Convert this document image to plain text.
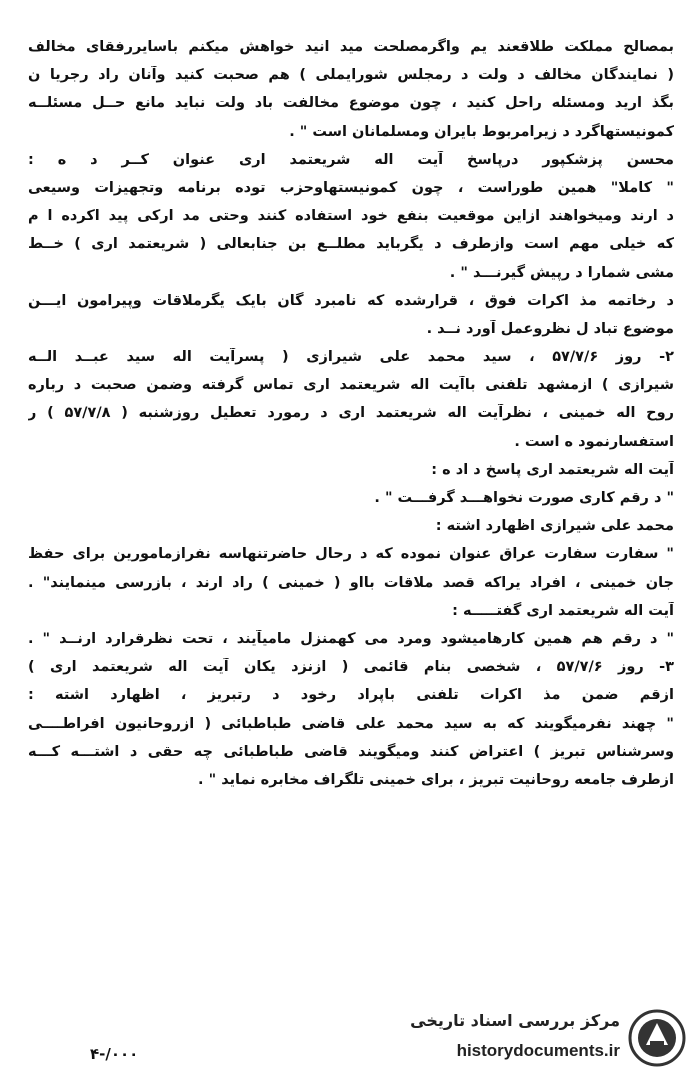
بمصالح مملکت طلاقعند یم واگرمصلحت مید انید خواهش میکنم باسایررفقای مخالف
( نمایندگان مخالف د ولت د رمجلس شورایملی ) هم صحبت کنید وآنان راد رجریا ن
بگذ ارید ومسئله راحل کنید ، چون موضوع مخالفت باد ولت نباید مانع حــل مسئلــه
کمونیستهاگرد د زیرامربوط بایران ومسلمانان است " .
محسن پزشکپور درپاسخ آیت اله شریعتمد اری عنوان کــر د ه :
" کاملا" همین طوراست ، چون کمونیستهاوحزب توده برنامه وتجهیزات وسیعی
د ارند ومیخواهند ازاین موقعیت بنفع خود استفاده کنند وحتی مد ارکی پید اکرده ا م
که خیلی مهم است وازطرف د یگرباید مطلــع بن جنابعالی ( شریعتمد اری ) خــط
مشی شمارا د رپیش گیرنـــد " .
د رخاتمه مذ اکرات فوق ، قرارشده که نامبرد گان بایک یگرملاقات وپیرامون ایـــن
موضوع تباد ل نظروعمل آورد نــد .
۲- روز ۵۷/۷/۶ ، سید محمد علی شیرازی ( پسرآیت اله سید عبــد الــه
شیرازی ) ازمشهد تلفنی باآیت اله شریعتمد اری تماس گرفته وضمن صحبت د رباره
روح اله خمینی ، نظرآیت اله شریعتمد اری د رمورد تعطیل روزشنبه ( ۵۷/۷/۸ ) ر
استفسارنمود ه است .
آیت اله شریعتمد اری پاسخ د اد ه :
" د رقم کاری صورت نخواهـــد گرفـــت " .
محمد علی شیرازی اظهارد اشته :
" سفارت سفارت عراق عنوان نموده که د رحال حاضرتنهاسه نفرازمامورین برای حفظ
جان خمینی ، افراد یراکه قصد ملاقات بااو ( خمینی ) راد ارند ، بازرسی مینمایند" .
آیت اله شریعتمد اری گفتـــــه :
" د رقم هم همین کارهامیشود ومرد می کهمنزل مامیآیند ، تحت نظرقرارد ارنــد " .
۳- روز ۵۷/۷/۶ ، شخصی بنام قائمی ( ازنزد یکان آیت اله شریعتمد اری )
ازقم ضمن مذ اکرات تلفنی باپراد رخود د رتبریز ، اظهارد اشته :
" چهند نفرمیگویند که به سید محمد علی قاضی طباطبائی ( ازروحانیون افراطــــی
وسرشناس تبریز ) اعتراض کنند ومیگویند قاضی طباطبائی چه حقی د اشتـــه کـــه
ازطرف جامعه روحانیت تبریز ، برای خمینی تلگراف مخابره نماید " .
۴-/۰۰۰
مرکز بررسی اسناد تاریخی
historydocuments.ir
